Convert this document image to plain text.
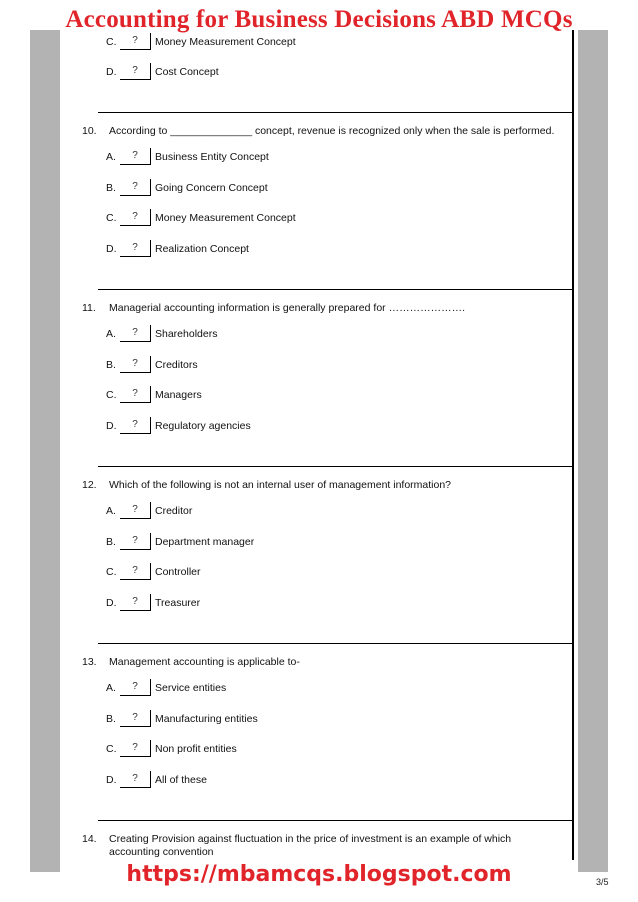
Accounting for Business Decisions ABD MCQs
C.	?	Money Measurement Concept
D.	?	Cost Concept
10. According to ______________ concept, revenue is recognized only when the sale is performed.
A.	?	Business Entity Concept
B.	?	Going Concern Concept
C.	?	Money Measurement Concept
D.	?	Realization Concept
11. Managerial accounting information is generally prepared for ………………….
A.	?	Shareholders
B.	?	Creditors
C.	?	Managers
D.	?	Regulatory agencies
12. Which of the following is not an internal user of management information?
A.	?	Creditor
B.	?	Department manager
C.	?	Controller
D.	?	Treasurer
13. Management accounting is applicable to-
A.	?	Service entities
B.	?	Manufacturing entities
C.	?	Non profit entities
D.	?	All of these
14. Creating Provision against fluctuation in the price of investment is an example of which accounting convention
https://mbamcqs.blogspot.com	3/5
